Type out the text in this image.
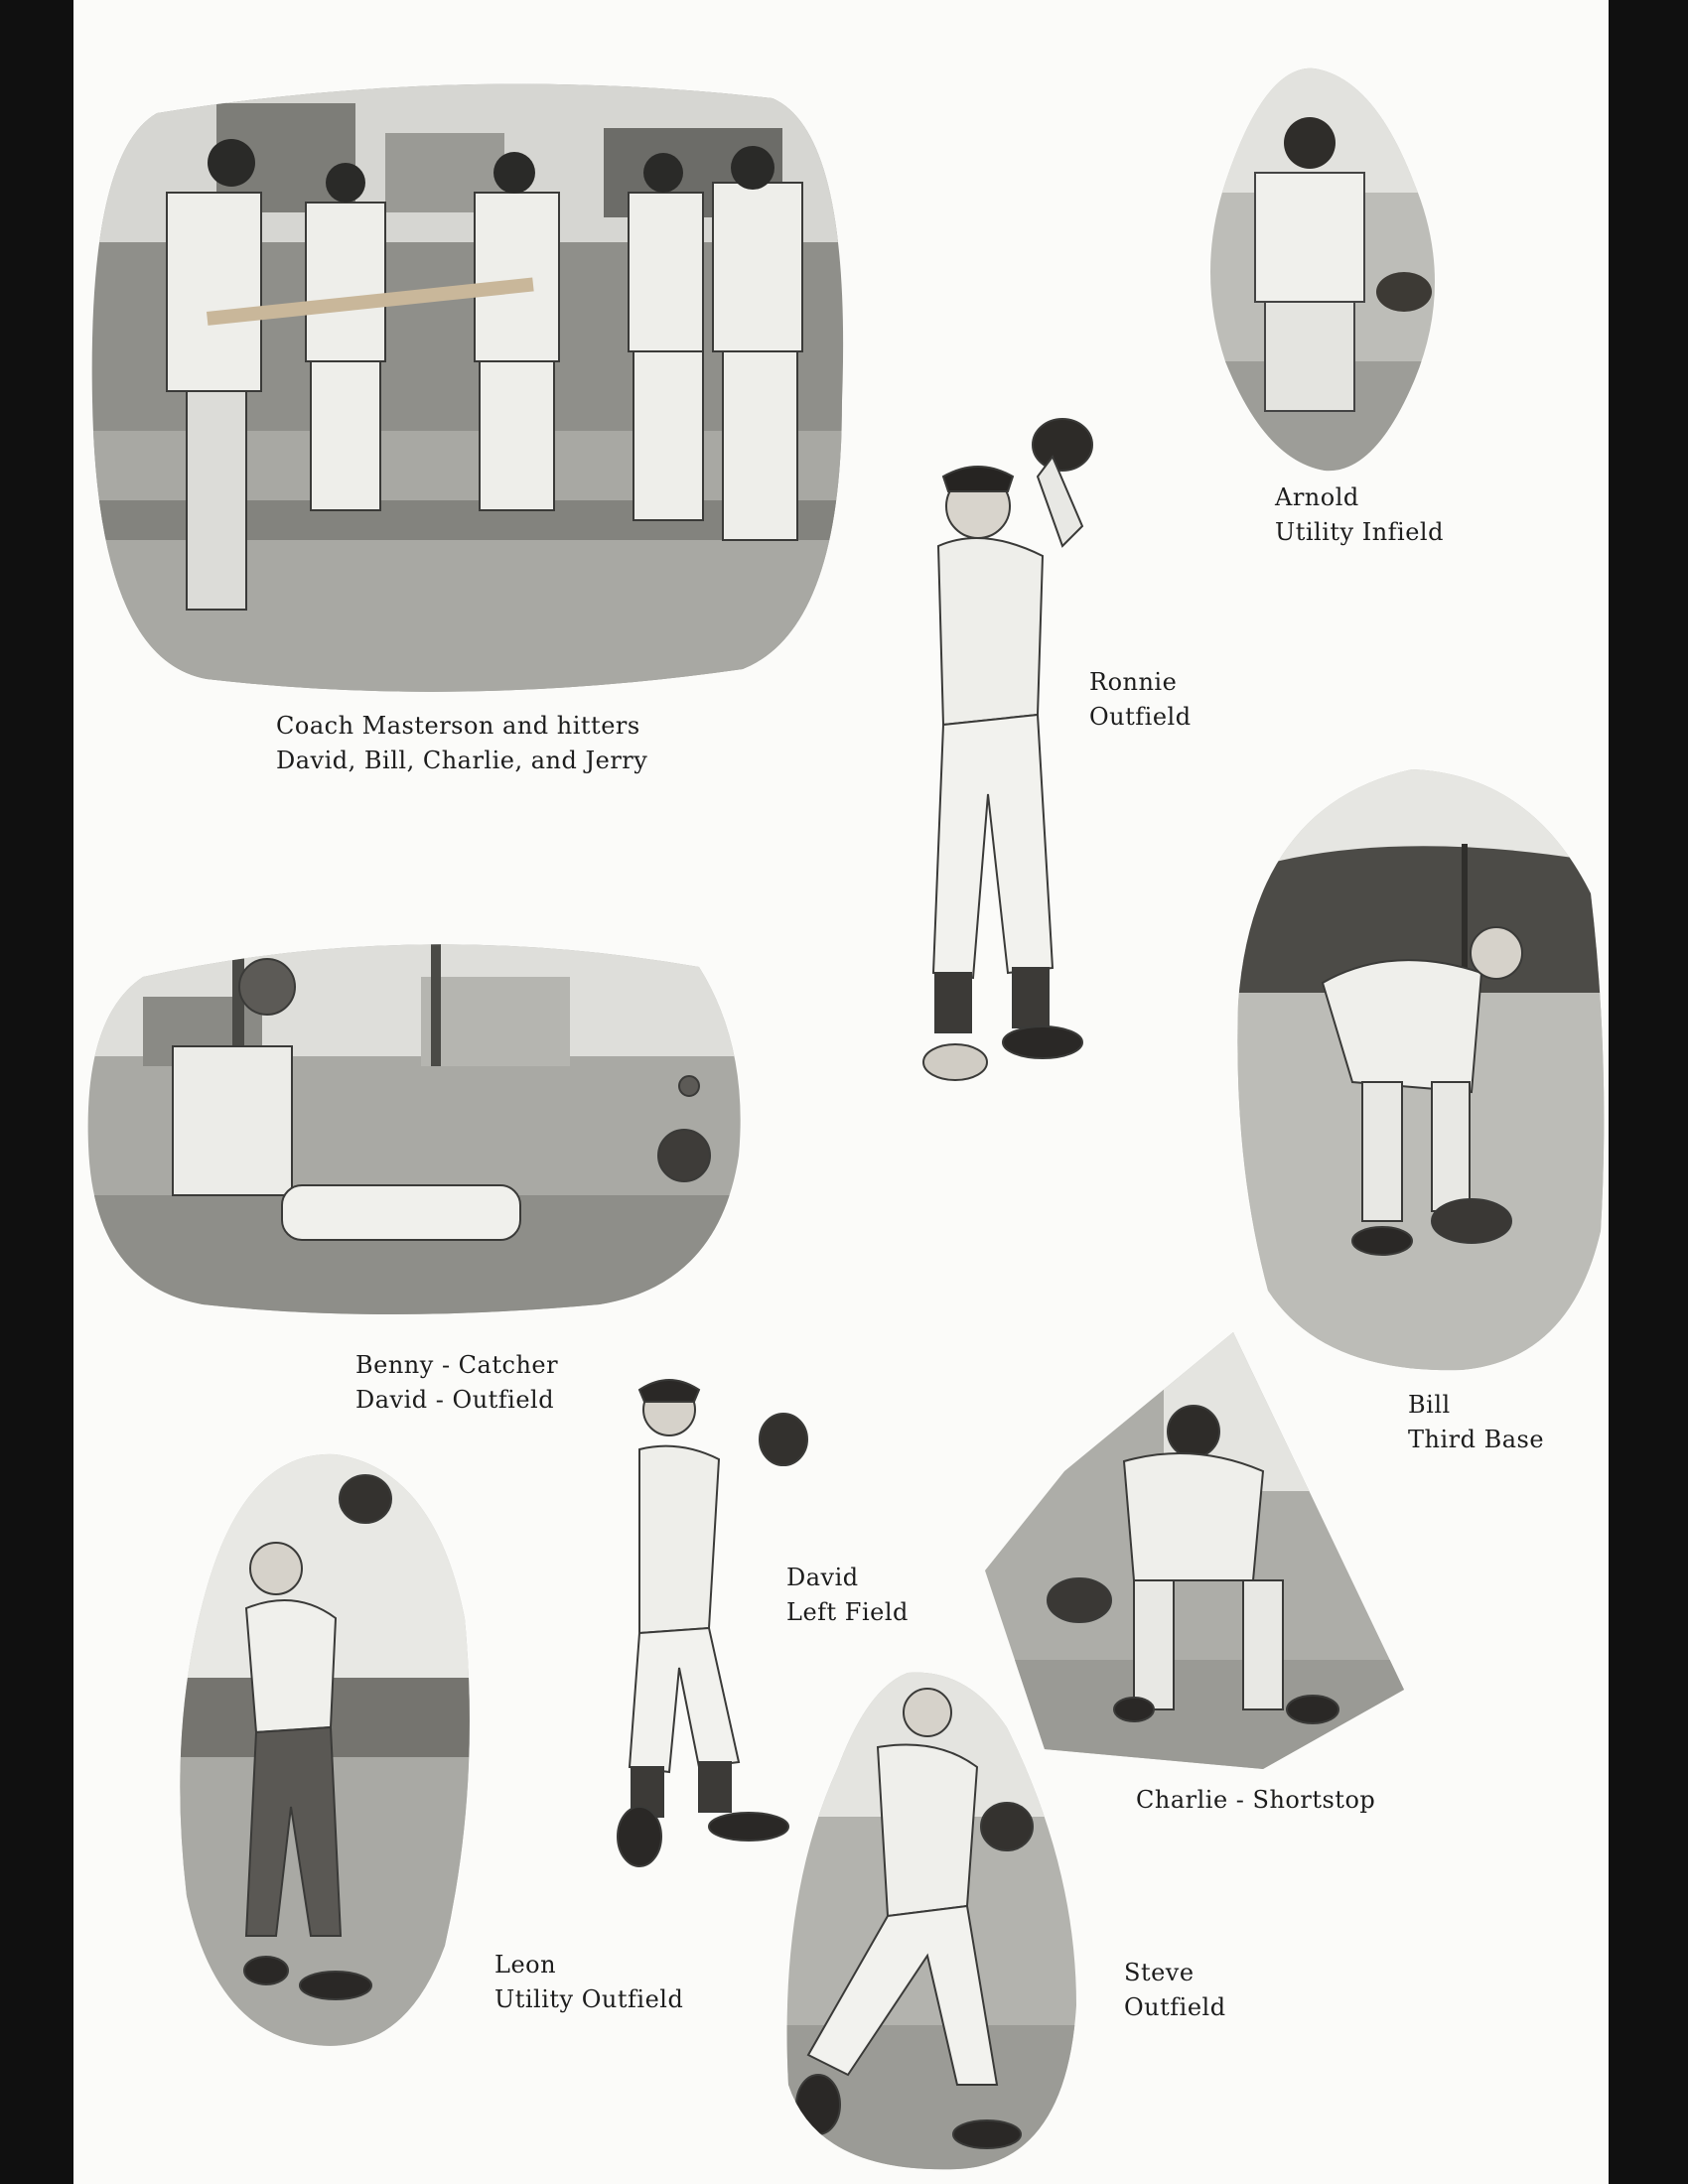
Coach Masterson and hitters
David, Bill, Charlie, and Jerry
Arnold
Utility Infield
Ronnie
Outfield
Benny - Catcher
David - Outfield	Bill
Third Base
David
Left Field
Charlie - Shortstop
Leon
Utility Outfield
Steve
Outfield
